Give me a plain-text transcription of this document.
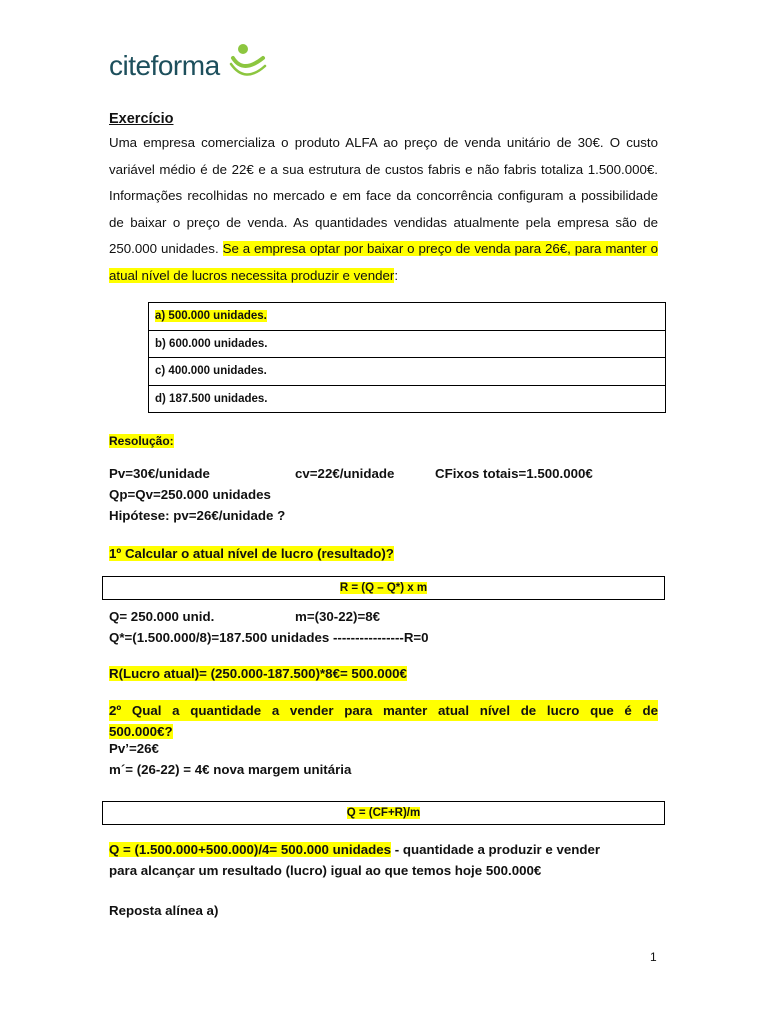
citeforma
Exercício
Uma empresa comercializa o produto ALFA ao preço de venda unitário de 30€. O custo variável médio é de 22€ e a sua estrutura de custos fabris e não fabris totaliza 1.500.000€. Informações recolhidas no mercado e em face da concorrência configuram a possibilidade de baixar o preço de venda. As quantidades vendidas atualmente pela empresa são de 250.000 unidades. Se a empresa optar por baixar o preço de venda para 26€, para manter o atual nível de lucros necessita produzir e vender:
a) 500.000 unidades.
b) 600.000 unidades.
c) 400.000 unidades.
d) 187.500 unidades.
Resolução:
Pv=30€/unidade	cv=22€/unidade	CFixos totais=1.500.000€
Qp=Qv=250.000 unidades
Hipótese: pv=26€/unidade ?
1º Calcular o atual nível de lucro (resultado)?
R = (Q – Q*) x m
Q= 250.000 unid.	m=(30-22)=8€
Q*=(1.500.000/8)=187.500 unidades ----------------R=0
R(Lucro atual)= (250.000-187.500)*8€= 500.000€
2º Qual a quantidade a vender para manter atual nível de lucro que é de
500.000€?
Pv’=26€
m´= (26-22) = 4€ nova margem unitária
Q = (CF+R)/m
Q = (1.500.000+500.000)/4= 500.000 unidades - quantidade a produzir e vender
para alcançar um resultado (lucro) igual ao que temos hoje 500.000€
Reposta alínea a)
1
